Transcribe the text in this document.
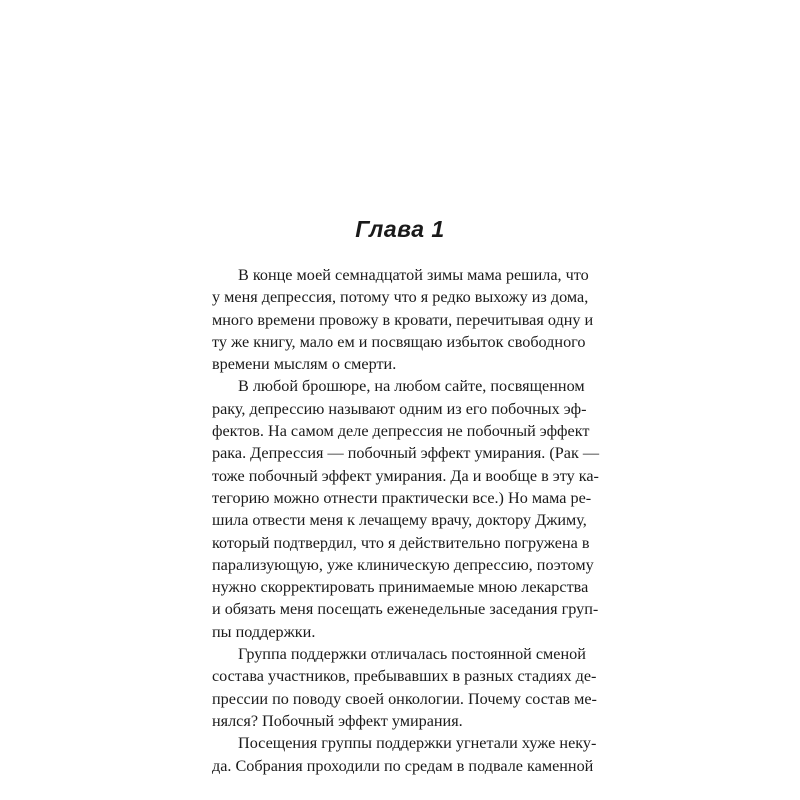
Глава 1
В конце моей семнадцатой зимы мама решила, что
у меня депрессия, потому что я редко выхожу из дома,
много времени провожу в кровати, перечитывая одну и
ту же книгу, мало ем и посвящаю избыток свободного
времени мыслям о смерти.
В любой брошюре, на любом сайте, посвященном
раку, депрессию называют одним из его побочных эф-
фектов. На самом деле депрессия не побочный эффект
рака. Депрессия — побочный эффект умирания. (Рак —
тоже побочный эффект умирания. Да и вообще в эту ка-
тегорию можно отнести практически все.) Но мама ре-
шила отвести меня к лечащему врачу, доктору Джиму,
который подтвердил, что я действительно погружена в
парализующую, уже клиническую депрессию, поэтому
нужно скорректировать принимаемые мною лекарства
и обязать меня посещать еженедельные заседания груп-
пы поддержки.
Группа поддержки отличалась постоянной сменой
состава участников, пребывавших в разных стадиях де-
прессии по поводу своей онкологии. Почему состав ме-
нялся? Побочный эффект умирания.
Посещения группы поддержки угнетали хуже неку-
да. Собрания проходили по средам в подвале каменной
